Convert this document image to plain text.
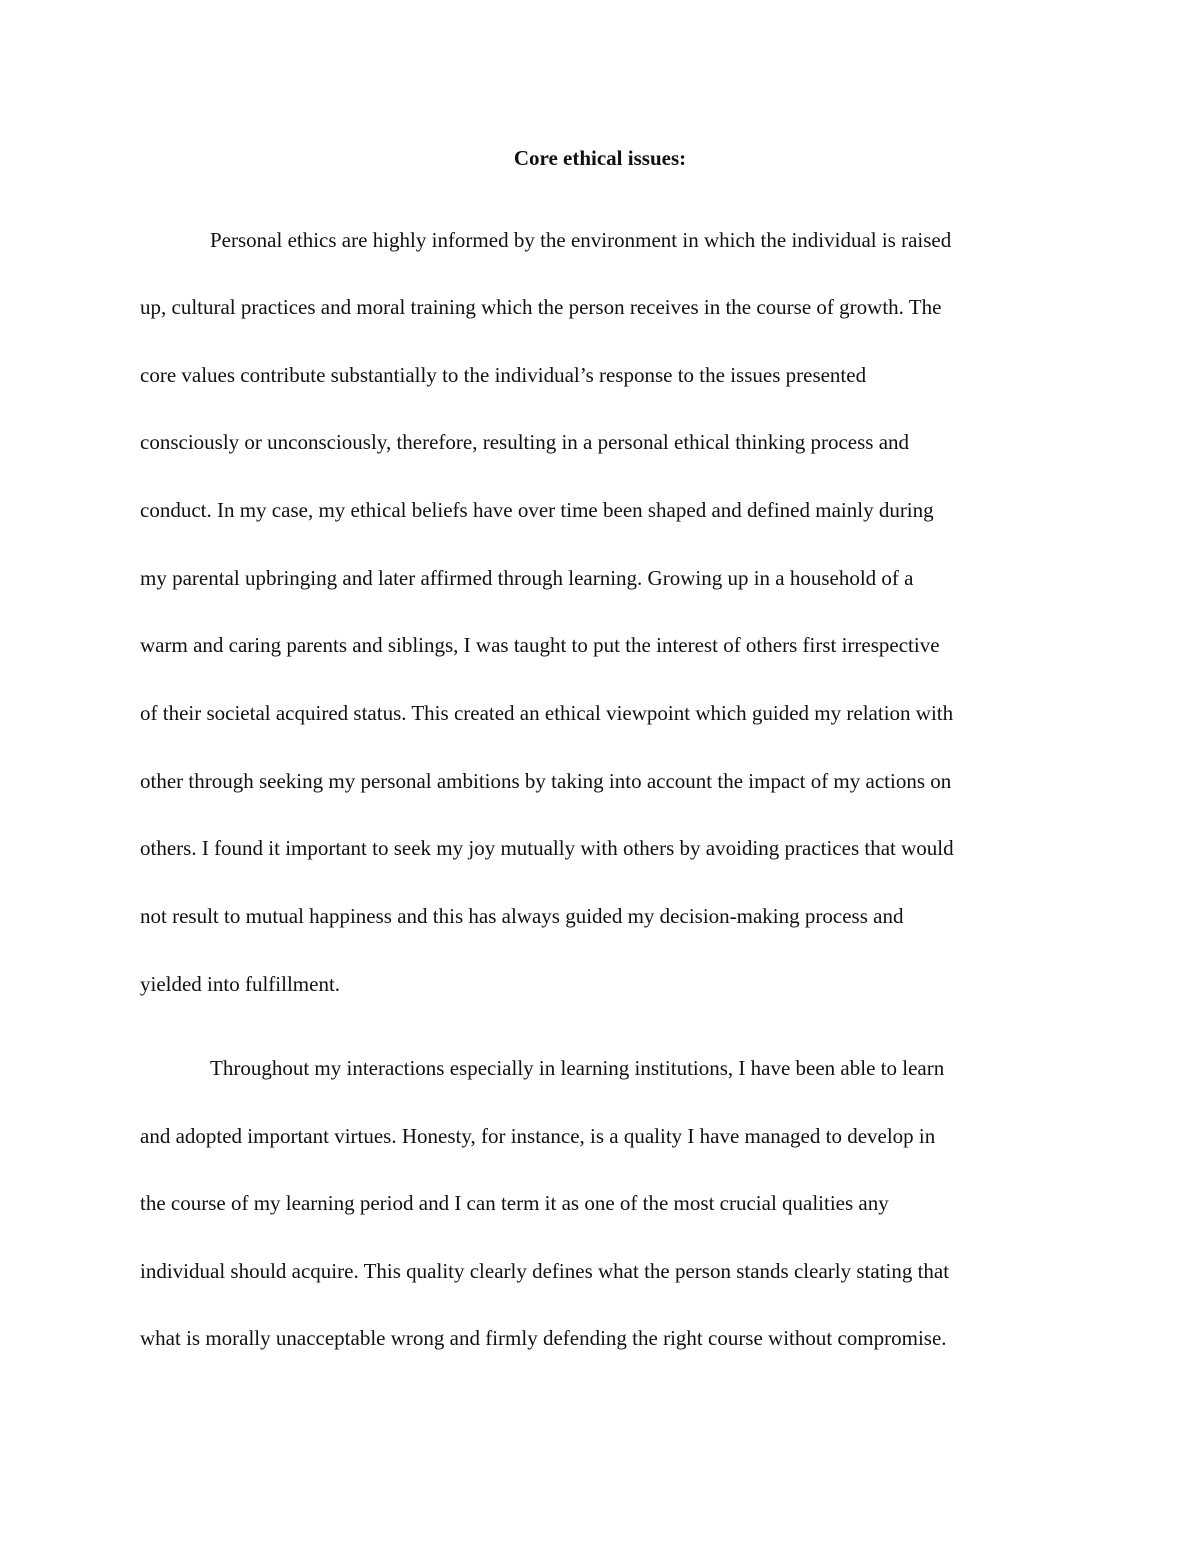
Core ethical issues:

Personal ethics are highly informed by the environment in which the individual is raised

up, cultural practices and moral training which the person receives in the course of growth. The

core values contribute substantially to the individual’s response to the issues presented

consciously or unconsciously, therefore, resulting in a personal ethical thinking process and

conduct. In my case, my ethical beliefs have over time been shaped and defined mainly during

my parental upbringing and later affirmed through learning. Growing up in a household of a

warm and caring parents and siblings, I was taught to put the interest of others first irrespective

of their societal acquired status. This created an ethical viewpoint which guided my relation with

other through seeking my personal ambitions by taking into account the impact of my actions on

others. I found it important to seek my joy mutually with others by avoiding practices that would

not result to mutual happiness and this has always guided my decision-making process and

yielded into fulfillment.

Throughout my interactions especially in learning institutions, I have been able to learn

and adopted important virtues. Honesty, for instance, is a quality I have managed to develop in

the course of my learning period and I can term it as one of the most crucial qualities any

individual should acquire. This quality clearly defines what the person stands clearly stating that

what is morally unacceptable wrong and firmly defending the right course without compromise.
